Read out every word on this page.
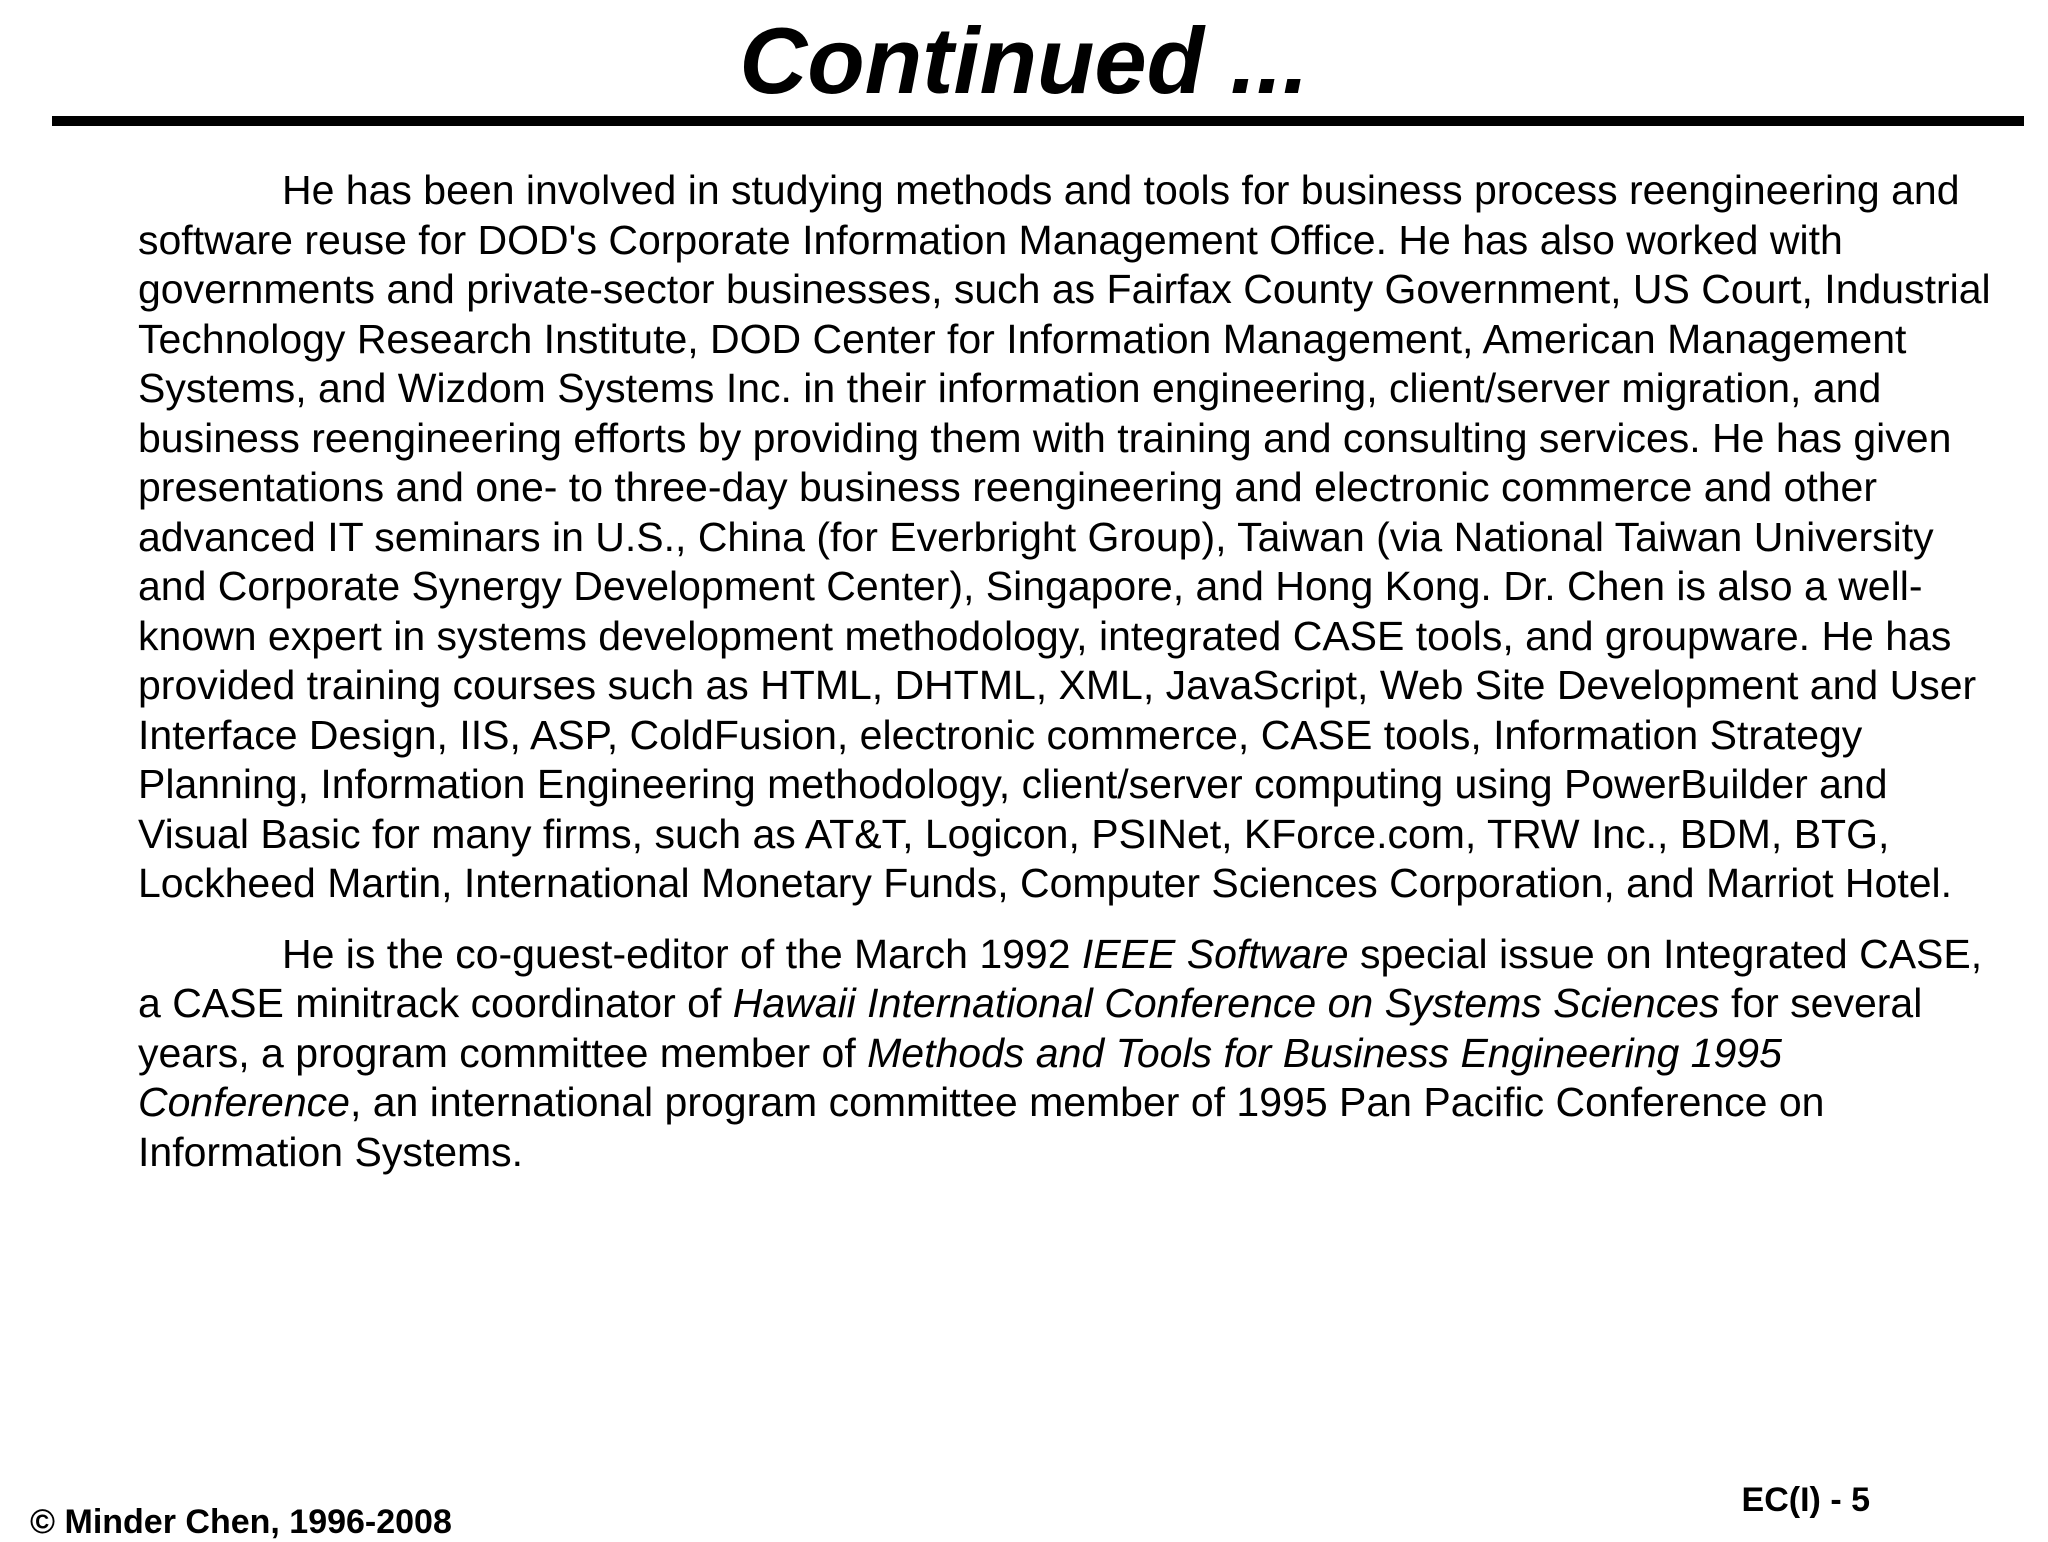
Continued ...

He has been involved in studying methods and tools for business process reengineering and software reuse for DOD's Corporate Information Management Office. He has also worked with governments and private-sector businesses, such as Fairfax County Government, US Court, Industrial Technology Research Institute, DOD Center for Information Management, American Management Systems, and Wizdom Systems Inc. in their information engineering, client/server migration, and business reengineering efforts by providing them with training and consulting services. He has given presentations and one- to three-day business reengineering and electronic commerce and other advanced IT seminars in U.S., China (for Everbright Group), Taiwan (via National Taiwan University and Corporate Synergy Development Center), Singapore, and Hong Kong. Dr. Chen is also a well-known expert in systems development methodology, integrated CASE tools, and groupware. He has provided training courses such as HTML, DHTML, XML, JavaScript, Web Site Development and User Interface Design, IIS, ASP, ColdFusion, electronic commerce, CASE tools, Information Strategy Planning, Information Engineering methodology, client/server computing using PowerBuilder and Visual Basic for many firms, such as AT&T, Logicon, PSINet, KForce.com, TRW Inc., BDM, BTG, Lockheed Martin, International Monetary Funds, Computer Sciences Corporation, and Marriot Hotel.

He is the co-guest-editor of the March 1992 IEEE Software special issue on Integrated CASE, a CASE minitrack coordinator of Hawaii International Conference on Systems Sciences for several years, a program committee member of Methods and Tools for Business Engineering 1995 Conference, an international program committee member of 1995 Pan Pacific Conference on Information Systems.

EC(I) - 5
© Minder Chen, 1996-2008
